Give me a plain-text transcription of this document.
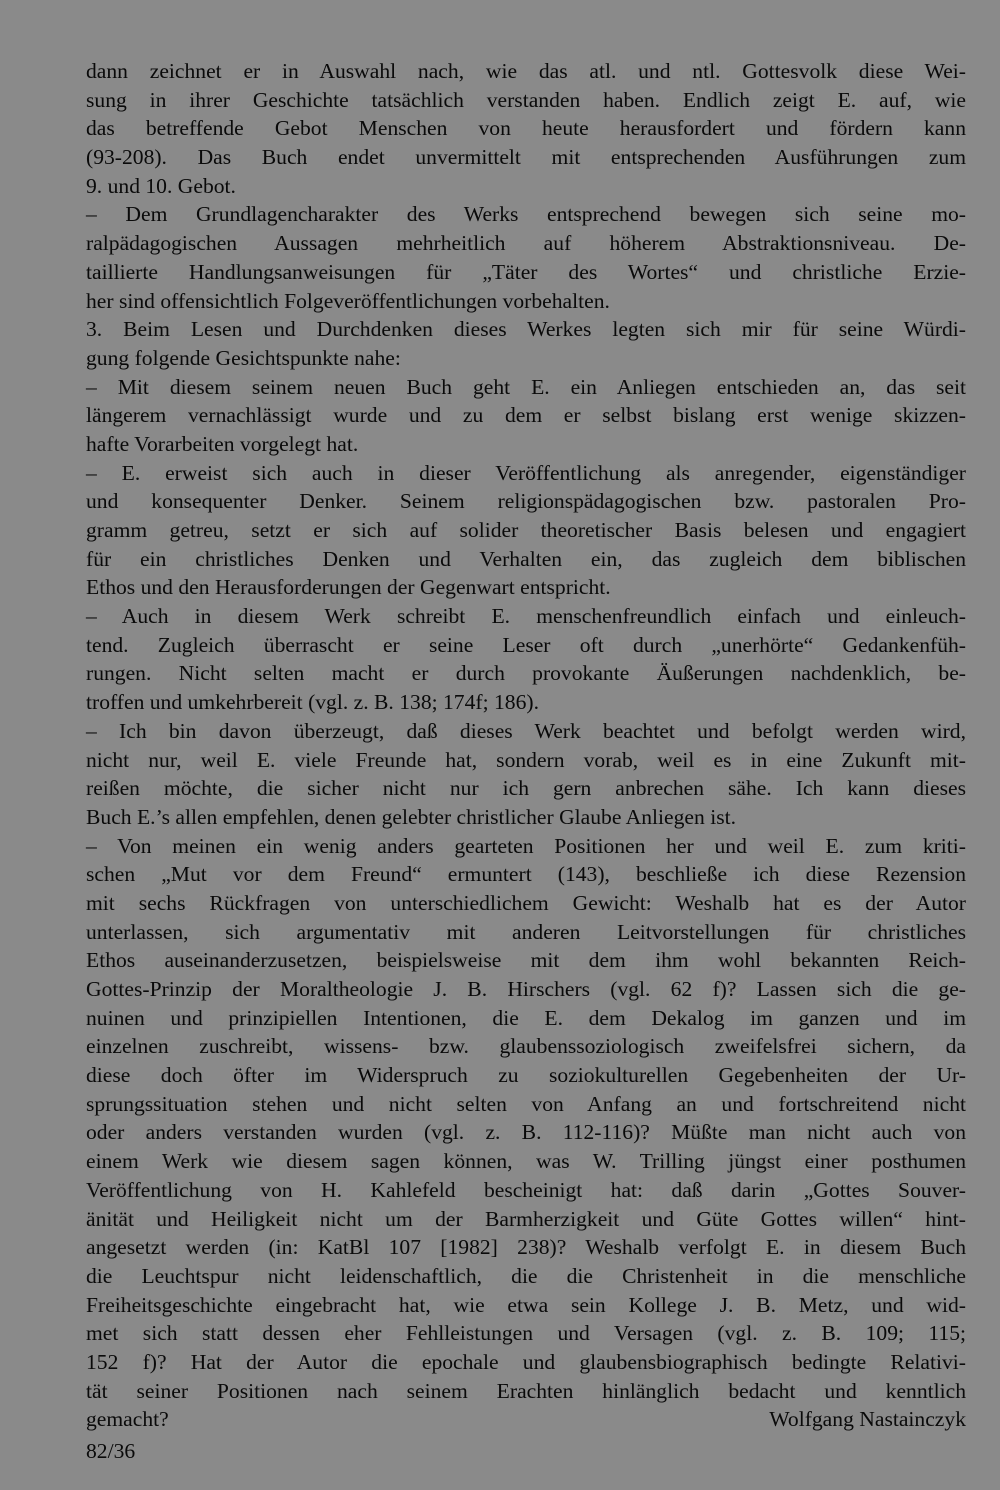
dann zeichnet er in Auswahl nach, wie das atl. und ntl. Gottesvolk diese Wei-
sung in ihrer Geschichte tatsächlich verstanden haben. Endlich zeigt E. auf, wie
das betreffende Gebot Menschen von heute herausfordert und fördern kann
(93-208). Das Buch endet unvermittelt mit entsprechenden Ausführungen zum
9. und 10. Gebot.
– Dem Grundlagencharakter des Werks entsprechend bewegen sich seine mo-
ralpädagogischen Aussagen mehrheitlich auf höherem Abstraktionsniveau. De-
taillierte Handlungsanweisungen für „Täter des Wortes“ und christliche Erzie-
her sind offensichtlich Folgeveröffentlichungen vorbehalten.
3. Beim Lesen und Durchdenken dieses Werkes legten sich mir für seine Würdi-
gung folgende Gesichtspunkte nahe:
– Mit diesem seinem neuen Buch geht E. ein Anliegen entschieden an, das seit
längerem vernachlässigt wurde und zu dem er selbst bislang erst wenige skizzen-
hafte Vorarbeiten vorgelegt hat.
– E. erweist sich auch in dieser Veröffentlichung als anregender, eigenständiger
und konsequenter Denker. Seinem religionspädagogischen bzw. pastoralen Pro-
gramm getreu, setzt er sich auf solider theoretischer Basis belesen und engagiert
für ein christliches Denken und Verhalten ein, das zugleich dem biblischen
Ethos und den Herausforderungen der Gegenwart entspricht.
– Auch in diesem Werk schreibt E. menschenfreundlich einfach und einleuch-
tend. Zugleich überrascht er seine Leser oft durch „unerhörte“ Gedankenfüh-
rungen. Nicht selten macht er durch provokante Äußerungen nachdenklich, be-
troffen und umkehrbereit (vgl. z. B. 138; 174f; 186).
– Ich bin davon überzeugt, daß dieses Werk beachtet und befolgt werden wird,
nicht nur, weil E. viele Freunde hat, sondern vorab, weil es in eine Zukunft mit-
reißen möchte, die sicher nicht nur ich gern anbrechen sähe. Ich kann dieses
Buch E.’s allen empfehlen, denen gelebter christlicher Glaube Anliegen ist.
– Von meinen ein wenig anders gearteten Positionen her und weil E. zum kriti-
schen „Mut vor dem Freund“ ermuntert (143), beschließe ich diese Rezension
mit sechs Rückfragen von unterschiedlichem Gewicht: Weshalb hat es der Autor
unterlassen, sich argumentativ mit anderen Leitvorstellungen für christliches
Ethos auseinanderzusetzen, beispielsweise mit dem ihm wohl bekannten Reich-
Gottes-Prinzip der Moraltheologie J. B. Hirschers (vgl. 62 f)? Lassen sich die ge-
nuinen und prinzipiellen Intentionen, die E. dem Dekalog im ganzen und im
einzelnen zuschreibt, wissens- bzw. glaubenssoziologisch zweifelsfrei sichern, da
diese doch öfter im Widerspruch zu soziokulturellen Gegebenheiten der Ur-
sprungssituation stehen und nicht selten von Anfang an und fortschreitend nicht
oder anders verstanden wurden (vgl. z. B. 112-116)? Müßte man nicht auch von
einem Werk wie diesem sagen können, was W. Trilling jüngst einer posthumen
Veröffentlichung von H. Kahlefeld bescheinigt hat: daß darin „Gottes Souver-
änität und Heiligkeit nicht um der Barmherzigkeit und Güte Gottes willen“ hint-
angesetzt werden (in: KatBl 107 [1982] 238)? Weshalb verfolgt E. in diesem Buch
die Leuchtspur nicht leidenschaftlich, die die Christenheit in die menschliche
Freiheitsgeschichte eingebracht hat, wie etwa sein Kollege J. B. Metz, und wid-
met sich statt dessen eher Fehlleistungen und Versagen (vgl. z. B. 109; 115;
152 f)? Hat der Autor die epochale und glaubensbiographisch bedingte Relativi-
tät seiner Positionen nach seinem Erachten hinlänglich bedacht und kenntlich
gemacht?	Wolfgang Nastainczyk
82/36
